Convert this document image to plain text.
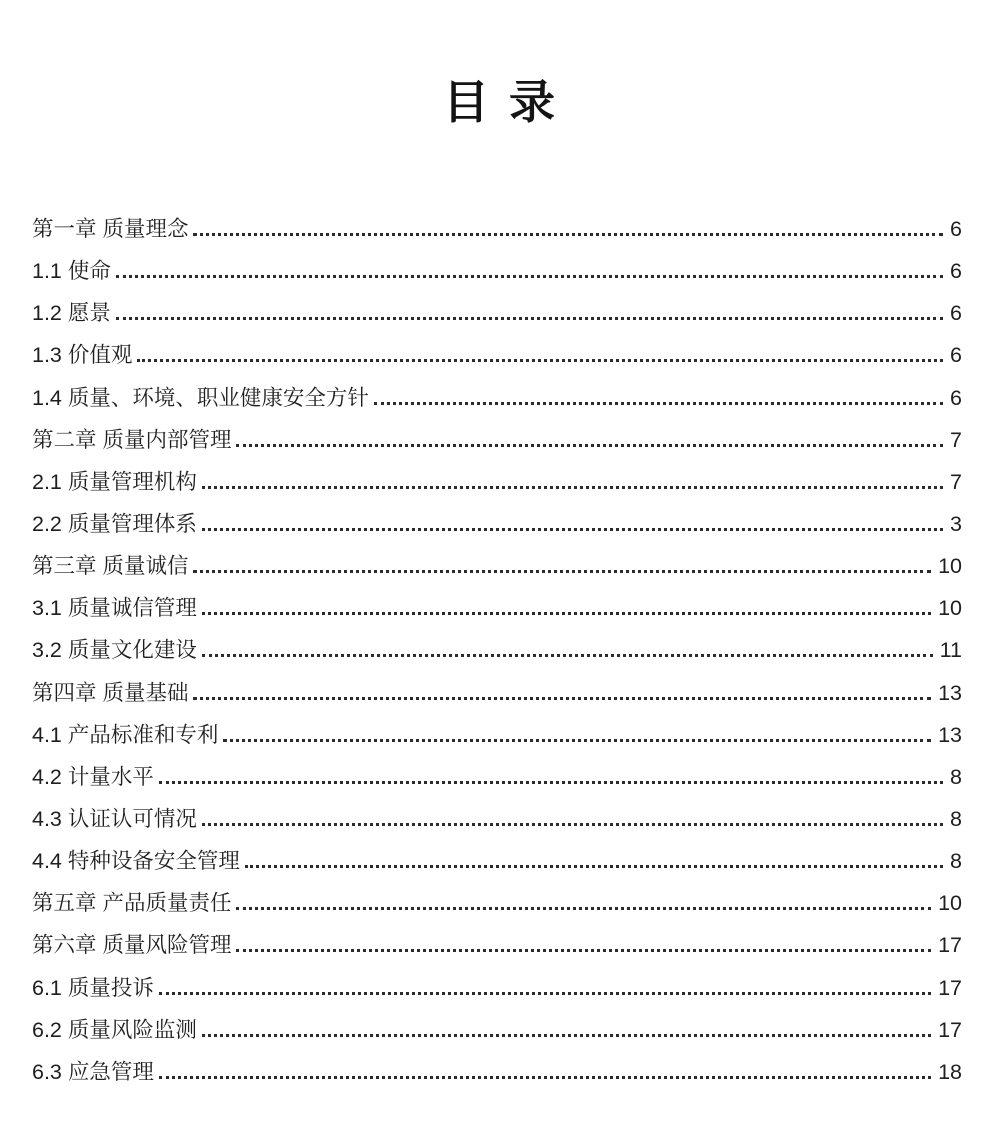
目 录
第一章 质量理念	6
1.1 使命	6
1.2 愿景	6
1.3 价值观	6
1.4 质量、环境、职业健康安全方针	6
第二章 质量内部管理	7
2.1 质量管理机构	7
2.2 质量管理体系	3
第三章 质量诚信	10
3.1 质量诚信管理	10
3.2 质量文化建设	11
第四章 质量基础	13
4.1 产品标准和专利	13
4.2 计量水平	8
4.3 认证认可情况	8
4.4 特种设备安全管理	8
第五章 产品质量责任	10
第六章 质量风险管理	17
6.1 质量投诉	17
6.2 质量风险监测	17
6.3 应急管理	18
